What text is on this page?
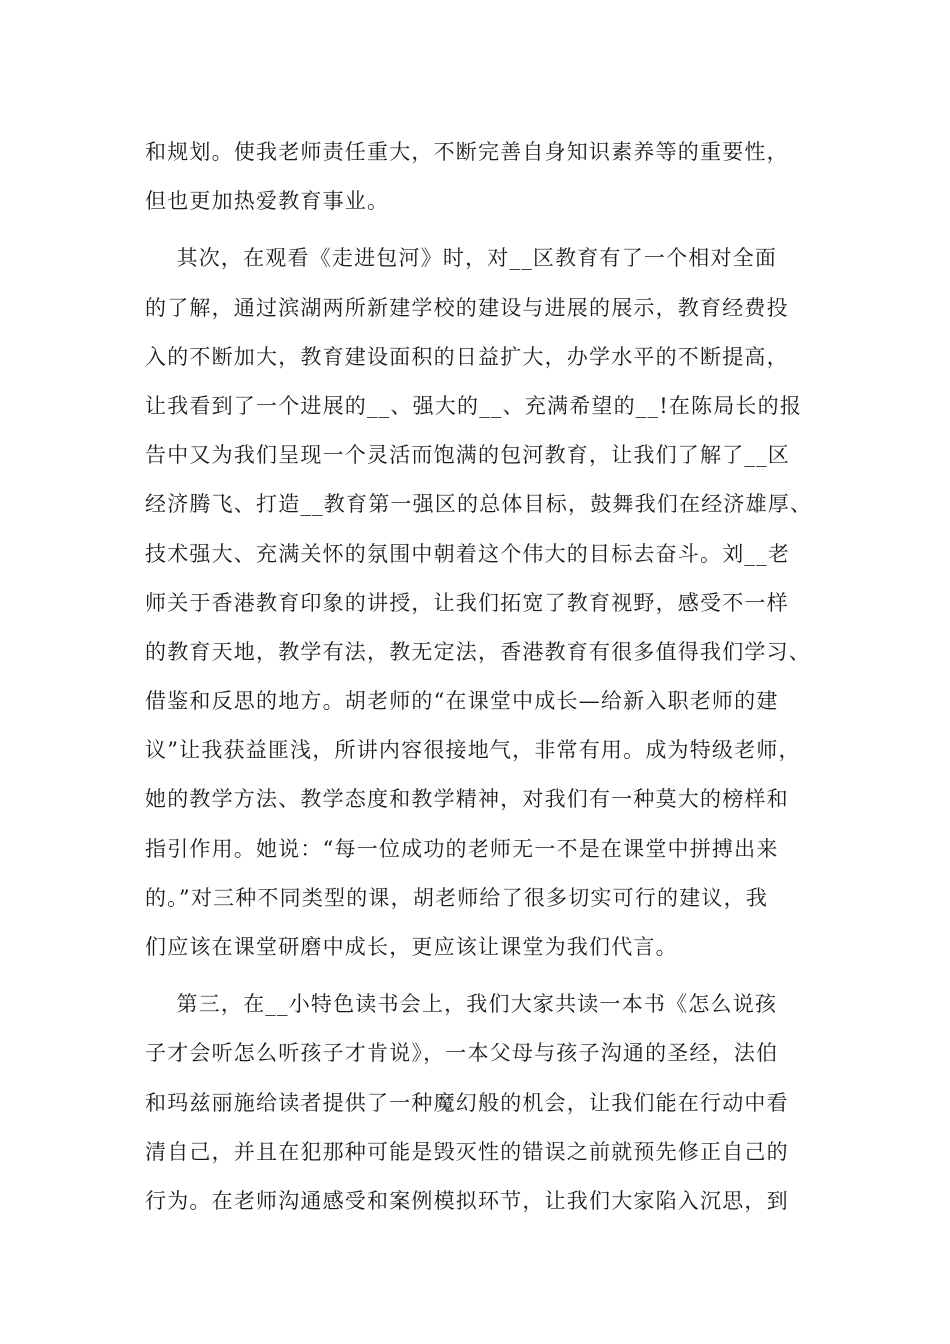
和规划。使我老师责任重大，不断完善自身知识素养等的重要性，
但也更加热爱教育事业。
其次，在观看《走进包河》时，对__区教育有了一个相对全面
的了解，通过滨湖两所新建学校的建设与进展的展示，教育经费投
入的不断加大，教育建设面积的日益扩大，办学水平的不断提高，
让我看到了一个进展的__、强大的__、充满希望的__!在陈局长的报
告中又为我们呈现一个灵活而饱满的包河教育，让我们了解了__区
经济腾飞、打造__教育第一强区的总体目标，鼓舞我们在经济雄厚、
技术强大、充满关怀的氛围中朝着这个伟大的目标去奋斗。刘__老
师关于香港教育印象的讲授，让我们拓宽了教育视野，感受不一样
的教育天地，教学有法，教无定法，香港教育有很多值得我们学习、
借鉴和反思的地方。胡老师的“在课堂中成长—给新入职老师的建
议”让我获益匪浅，所讲内容很接地气，非常有用。成为特级老师，
她的教学方法、教学态度和教学精神，对我们有一种莫大的榜样和
指引作用。她说：“每一位成功的老师无一不是在课堂中拼搏出来
的。”对三种不同类型的课，胡老师给了很多切实可行的建议，我
们应该在课堂研磨中成长，更应该让课堂为我们代言。
第三，在__小特色读书会上，我们大家共读一本书《怎么说孩
子才会听怎么听孩子才肯说》，一本父母与孩子沟通的圣经，法伯
和玛兹丽施给读者提供了一种魔幻般的机会，让我们能在行动中看
清自己，并且在犯那种可能是毁灭性的错误之前就预先修正自己的
行为。在老师沟通感受和案例模拟环节，让我们大家陷入沉思，到
